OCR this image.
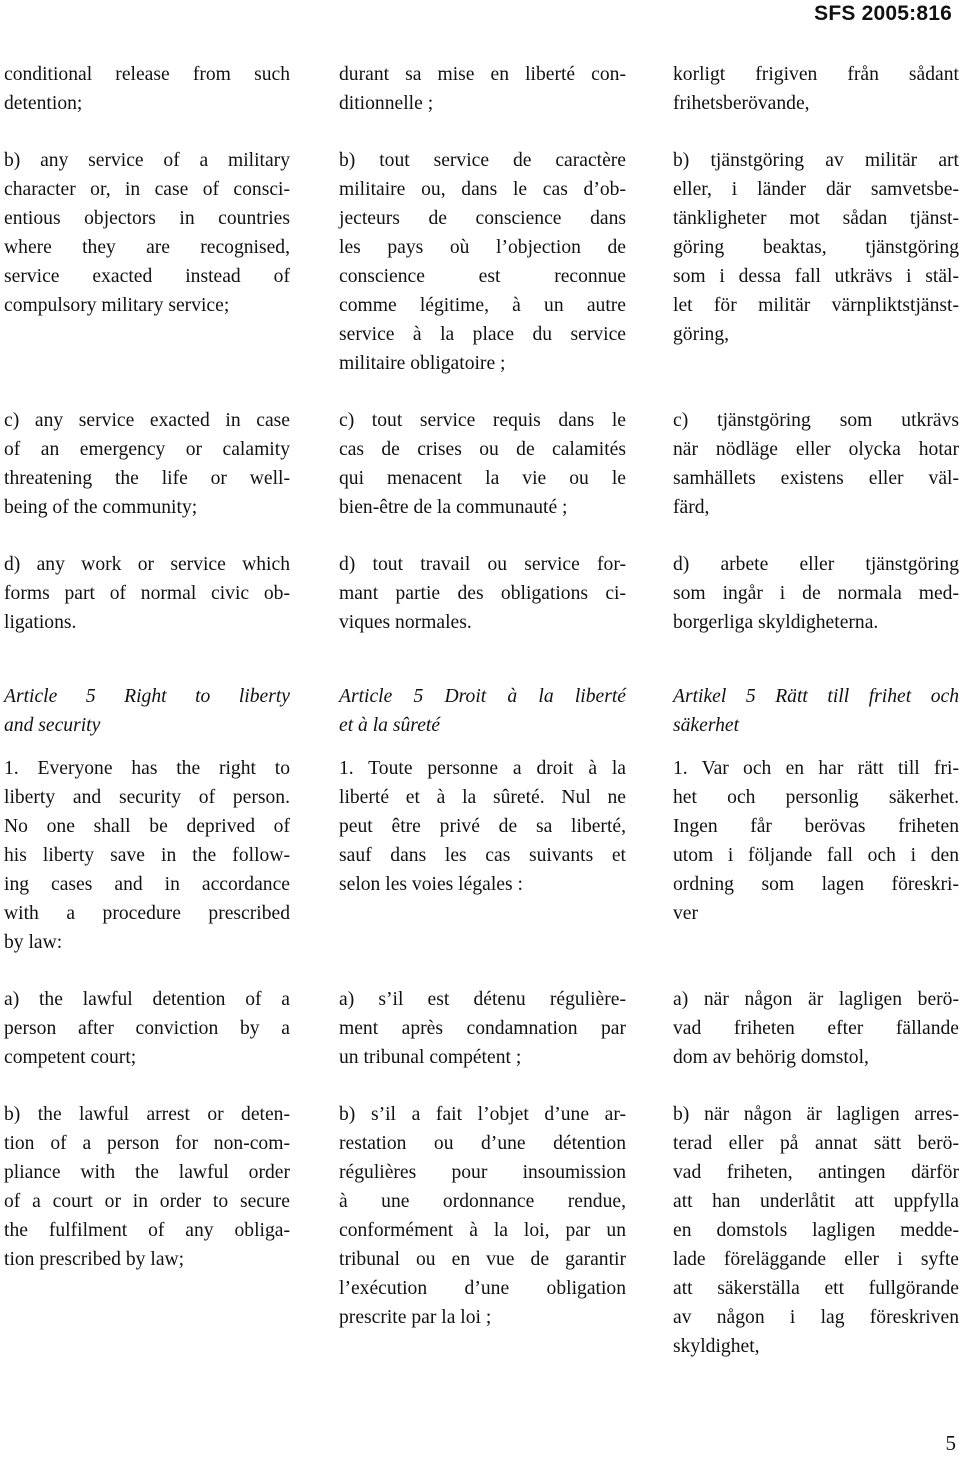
SFS 2005:816
conditional release from such
detention;
b) any service of a military
character or, in case of consci-
entious objectors in countries
where they are recognised,
service exacted instead of
compulsory military service;
c) any service exacted in case
of an emergency or calamity
threatening the life or well-
being of the community;
d) any work or service which
forms part of normal civic ob-
ligations.
Article 5 Right to liberty
and security
1. Everyone has the right to
liberty and security of person.
No one shall be deprived of
his liberty save in the follow-
ing cases and in accordance
with a procedure prescribed
by law:
a) the lawful detention of a
person after conviction by a
competent court;
b) the lawful arrest or deten-
tion of a person for non-com-
pliance with the lawful order
of a court or in order to secure
the fulfilment of any obliga-
tion prescribed by law;
durant sa mise en liberté con-
ditionnelle ;
b) tout service de caractère
militaire ou, dans le cas d’ob-
jecteurs de conscience dans
les pays où l’objection de
conscience est reconnue
comme légitime, à un autre
service à la place du service
militaire obligatoire ;
c) tout service requis dans le
cas de crises ou de calamités
qui menacent la vie ou le
bien-être de la communauté ;
d) tout travail ou service for-
mant partie des obligations ci-
viques normales.
Article 5 Droit à la liberté
et à la sûreté
1. Toute personne a droit à la
liberté et à la sûreté. Nul ne
peut être privé de sa liberté,
sauf dans les cas suivants et
selon les voies légales :
a) s’il est détenu régulière-
ment après condamnation par
un tribunal compétent ;
b) s’il a fait l’objet d’une ar-
restation ou d’une détention
régulières pour insoumission
à une ordonnance rendue,
conformément à la loi, par un
tribunal ou en vue de garantir
l’exécution d’une obligation
prescrite par la loi ;
korligt frigiven från sådant
frihetsberövande,
b) tjänstgöring av militär art
eller, i länder där samvetsbe-
tänkligheter mot sådan tjänst-
göring beaktas, tjänstgöring
som i dessa fall utkrävs i stäl-
let för militär värnpliktstjänst-
göring,
c) tjänstgöring som utkrävs
när nödläge eller olycka hotar
samhällets existens eller väl-
färd,
d) arbete eller tjänstgöring
som ingår i de normala med-
borgerliga skyldigheterna.
Artikel 5 Rätt till frihet och
säkerhet
1. Var och en har rätt till fri-
het och personlig säkerhet.
Ingen får berövas friheten
utom i följande fall och i den
ordning som lagen föreskri-
ver
a) när någon är lagligen berö-
vad friheten efter fällande
dom av behörig domstol,
b) när någon är lagligen arres-
terad eller på annat sätt berö-
vad friheten, antingen därför
att han underlåtit att uppfylla
en domstols lagligen medde-
lade föreläggande eller i syfte
att säkerställa ett fullgörande
av någon i lag föreskriven
skyldighet,
5
